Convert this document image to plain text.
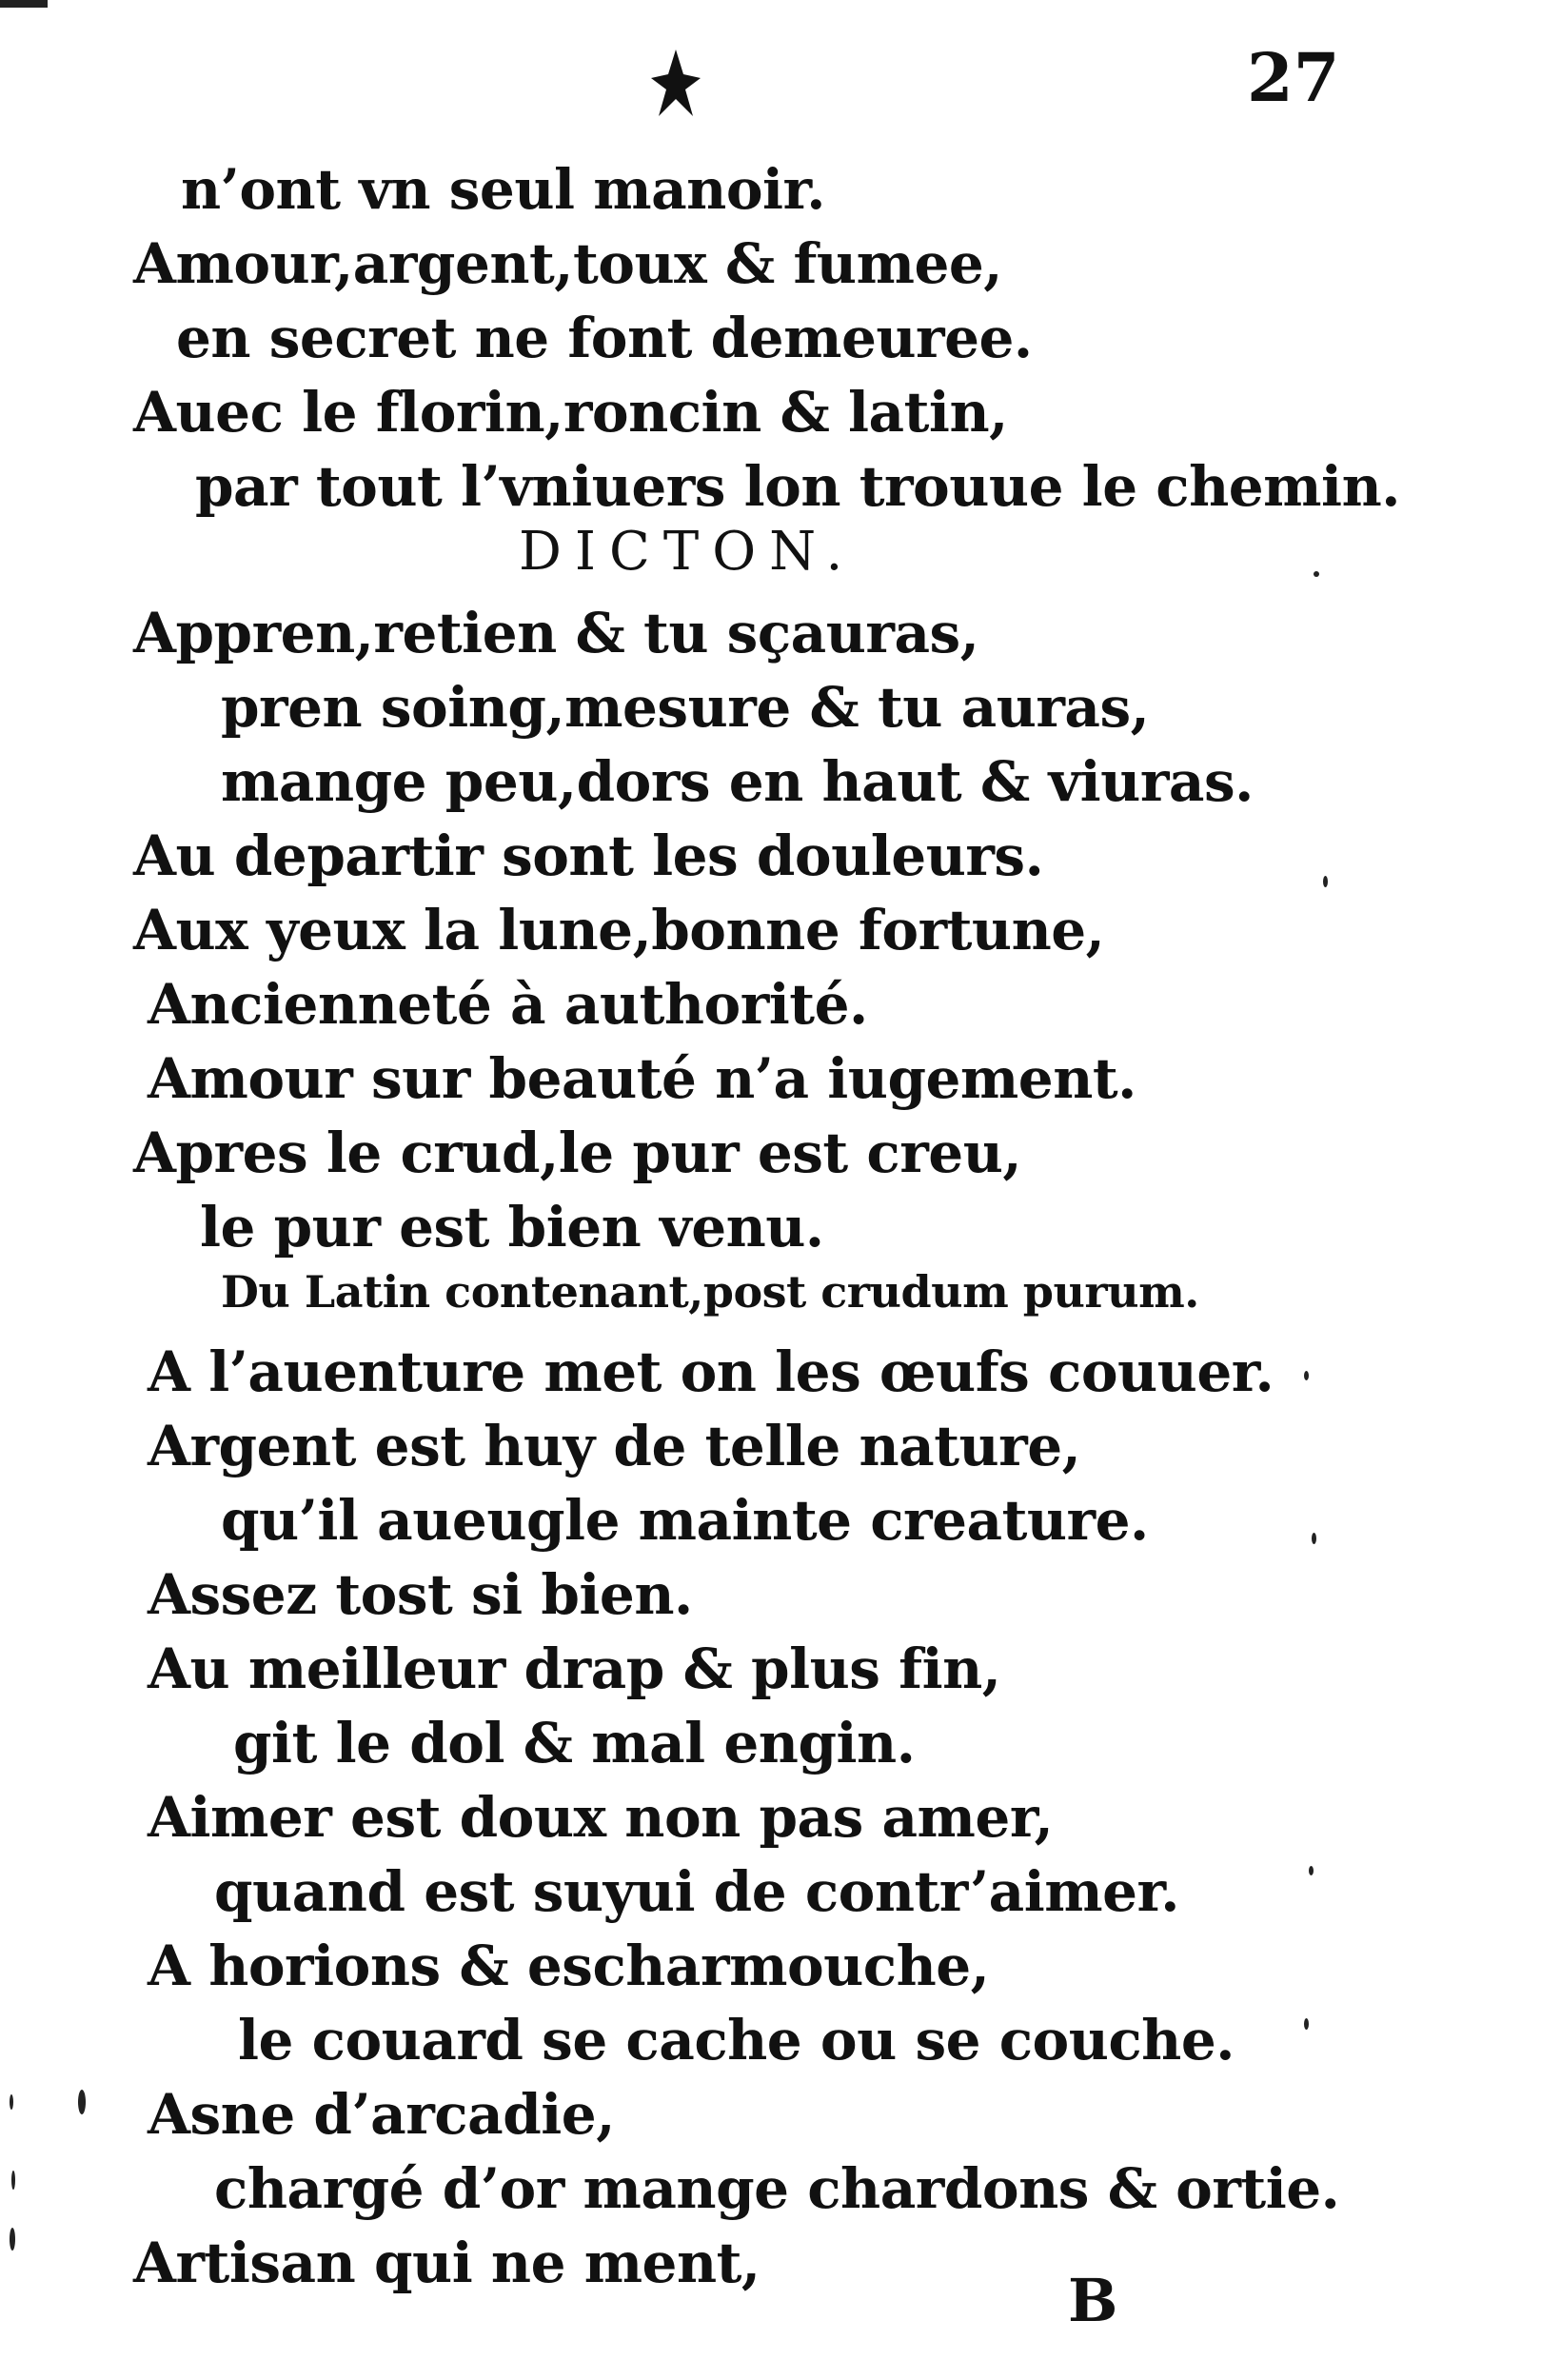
27
n’ont vn seul manoir.
Amour,argent,toux & fumee,
en secret ne font demeuree.
Auec le florin,roncin & latin,
par tout l’vniuers lon trouue le chemin.
DICTON.
Appren,retien & tu sçauras,
pren soing,mesure & tu auras,
mange peu,dors en haut & viuras.
Au departir sont les douleurs.
Aux yeux la lune,bonne fortune,
Ancienneté à authorité.
Amour sur beauté n’a iugement.
Apres le crud,le pur est creu,
le pur est bien venu.
Du Latin contenant,post crudum purum.
A l’auenture met on les œufs couuer.
Argent est huy de telle nature,
qu’il aueugle mainte creature.
Assez tost si bien.
Au meilleur drap & plus fin,
git le dol & mal engin.
Aimer est doux non pas amer,
quand est suyui de contr’aimer.
A horions & escharmouche,
le couard se cache ou se couche.
Asne d’arcadie,
chargé d’or mange chardons & ortie.
Artisan qui ne ment,
B
